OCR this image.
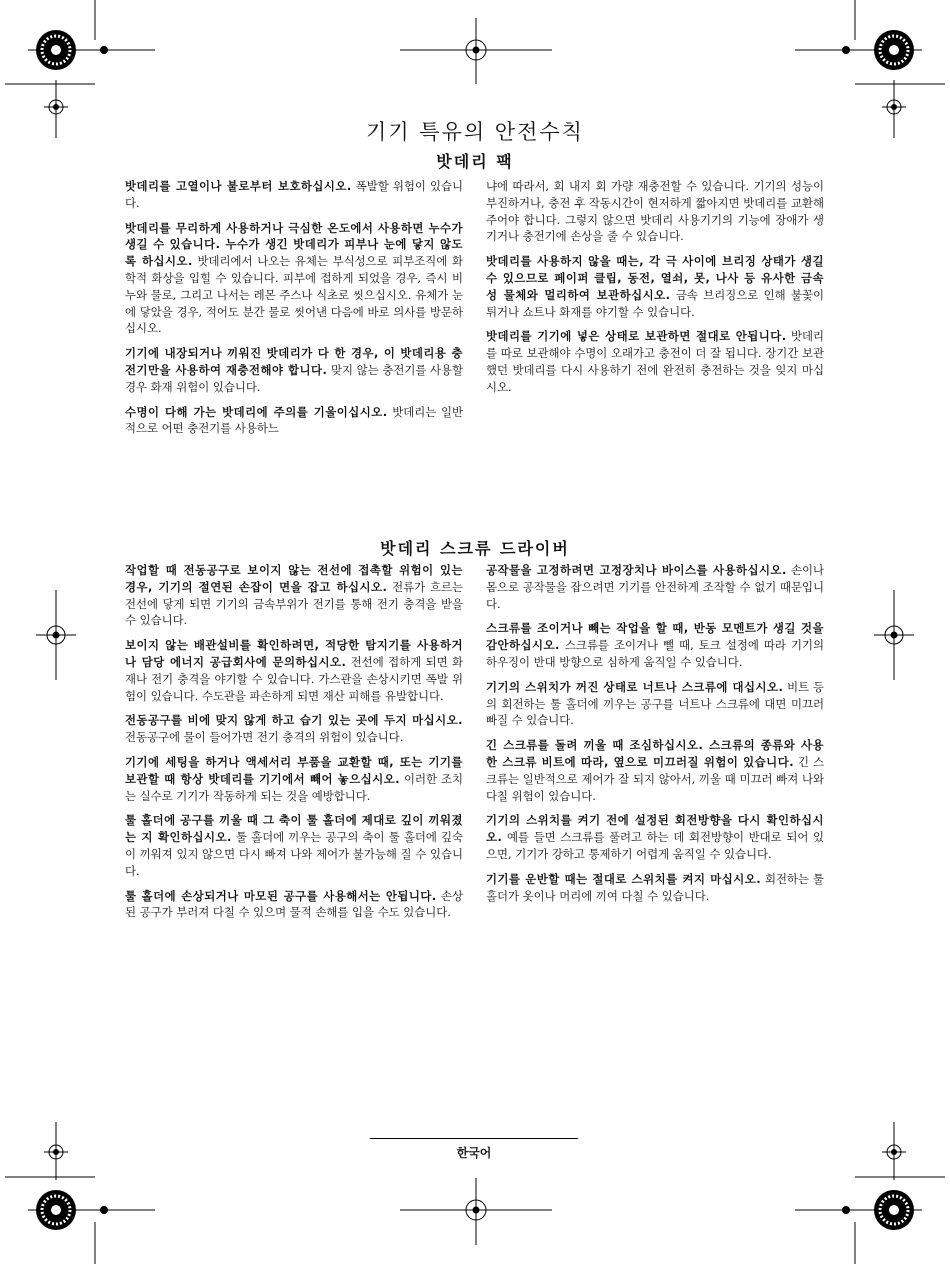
기기 특유의 안전수칙
밧데리 팩

밧데리를 고열이나 불로부터 보호하십시오. 폭발할 위험이 있습니다.

밧데리를 무리하게 사용하거나 극심한 온도에서 사용하면 누수가 생길 수 있습니다. 누수가 생긴 밧데리가 피부나 눈에 닿지 않도록 하십시오. 밧데리에서 나오는 유체는 부식성으로 피부조직에 화학적 화상을 입힐 수 있습니다. 피부에 접하게 되었을 경우, 즉시 비누와 물로, 그리고 나서는 레몬 주스나 식초로 씻으십시오. 유체가 눈에 닿았을 경우, 적어도 분간 물로 씻어낸 다음에 바로 의사를 방문하십시오.

기기에 내장되거나 끼워진 밧데리가 다 한 경우, 이 밧데리용 충전기만을 사용하여 재충전해야 합니다. 맞지 않는 충전기를 사용할 경우 화재 위험이 있습니다.

수명이 다해 가는 밧데리에 주의를 기울이십시오. 밧데리는 일반적으로 어떤 충전기를 사용하느

냐에 따라서, 회 내지 회 가량 재충전할 수 있습니다. 기기의 성능이 부진하거나, 충전 후 작동시간이 현저하게 짧아지면 밧데리를 교환해 주어야 합니다. 그렇지 않으면 밧데리 사용기기의 기능에 장애가 생기거나 충전기에 손상을 줄 수 있습니다.

밧데리를 사용하지 않을 때는, 각 극 사이에 브리징 상태가 생길 수 있으므로 페이퍼 클립, 동전, 열쇠, 못, 나사 등 유사한 금속성 물체와 멀리하여 보관하십시오. 금속 브리징으로 인해 불꽃이 튀거나 쇼트나 화재를 야기할 수 있습니다.

밧데리를 기기에 넣은 상태로 보관하면 절대로 안됩니다. 밧데리를 따로 보관해야 수명이 오래가고 충전이 더 잘 됩니다. 장기간 보관했던 밧데리를 다시 사용하기 전에 완전히 충전하는 것을 잊지 마십시오.

밧데리 스크류 드라이버

작업할 때 전동공구로 보이지 않는 전선에 접촉할 위험이 있는 경우, 기기의 절연된 손잡이 면을 잡고 하십시오. 전류가 흐르는 전선에 닿게 되면 기기의 금속부위가 전기를 통해 전기 충격을 받을 수 있습니다.

보이지 않는 배관설비를 확인하려면, 적당한 탐지기를 사용하거나 담당 에너지 공급회사에 문의하십시오. 전선에 접하게 되면 화재나 전기 충격을 야기할 수 있습니다. 가스관을 손상시키면 폭발 위험이 있습니다. 수도관을 파손하게 되면 재산 피해를 유발합니다.

전동공구를 비에 맞지 않게 하고 습기 있는 곳에 두지 마십시오. 전동공구에 물이 들어가면 전기 충격의 위험이 있습니다.

기기에 세팅을 하거나 액세서리 부품을 교환할 때, 또는 기기를 보관할 때 항상 밧데리를 기기에서 빼어 놓으십시오. 이러한 조치는 실수로 기기가 작동하게 되는 것을 예방합니다.

툴 홀더에 공구를 끼울 때 그 축이 툴 홀더에 제대로 깊이 끼워졌는 지 확인하십시오. 툴 홀더에 끼우는 공구의 축이 툴 홀더에 깊숙이 끼워져 있지 않으면 다시 빠져 나와 제어가 불가능해 질 수 있습니다.

툴 홀더에 손상되거나 마모된 공구를 사용해서는 안됩니다. 손상된 공구가 부러져 다칠 수 있으며 물적 손해를 입을 수도 있습니다.

공작물을 고정하려면 고정장치나 바이스를 사용하십시오. 손이나 몸으로 공작물을 잡으려면 기기를 안전하게 조작할 수 없기 때문입니다.

스크류를 조이거나 빼는 작업을 할 때, 반동 모멘트가 생길 것을 감안하십시오. 스크류를 조이거나 뺄 때, 토크 설정에 따라 기기의 하우징이 반대 방향으로 심하게 움직일 수 있습니다.

기기의 스위치가 꺼진 상태로 너트나 스크류에 대십시오. 비트 등의 회전하는 툴 홀더에 끼우는 공구를 너트나 스크류에 대면 미끄러 빠질 수 있습니다.

긴 스크류를 돌려 끼울 때 조심하십시오. 스크류의 종류와 사용한 스크류 비트에 따라, 옆으로 미끄러질 위험이 있습니다. 긴 스크류는 일반적으로 제어가 잘 되지 않아서, 끼울 때 미끄러 빠져 나와 다칠 위험이 있습니다.

기기의 스위치를 켜기 전에 설정된 회전방향을 다시 확인하십시오. 예를 들면 스크류를 풀려고 하는 데 회전방향이 반대로 되어 있으면, 기기가 강하고 통제하기 어렵게 움직일 수 있습니다.

기기를 운반할 때는 절대로 스위치를 켜지 마십시오. 회전하는 툴 홀더가 옷이나 머리에 끼여 다칠 수 있습니다.

한국어
